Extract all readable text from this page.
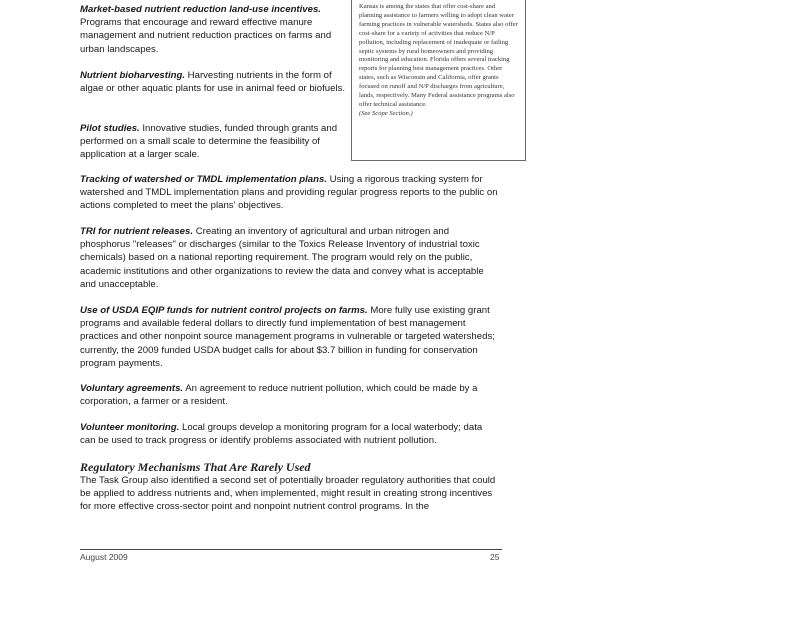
Market-based nutrient reduction land-use incentives. Programs that encourage and reward effective manure management and nutrient reduction practices on farms and urban landscapes.

Nutrient bioharvesting. Harvesting nutrients in the form of algae or other aquatic plants for use in animal feed or biofuels.

Pilot studies. Innovative studies, funded through grants and performed on a small scale to determine the feasibility of application at a larger scale.

Kansas is among the states that offer cost-share and planning assistance to farmers willing to adopt clean water farming practices in vulnerable watersheds. States also offer cost-share for a variety of activities that reduce N/P pollution, including replacement of inadequate or failing septic systems by rural homeowners and providing monitoring and education. Florida offers several tracking reports for planning best management practices. Other states, such as Wisconsin and California, offer grants focused on runoff and N/P discharges from agriculture, lands, respectively. Many Federal assistance programs also offer technical assistance.

(See Scope Section.)

Tracking of watershed or TMDL implementation plans. Using a rigorous tracking system for watershed and TMDL implementation plans and providing regular progress reports to the public on actions completed to meet the plans' objectives.

TRI for nutrient releases. Creating an inventory of agricultural and urban nitrogen and phosphorus "releases" or discharges (similar to the Toxics Release Inventory of industrial toxic chemicals) based on a national reporting requirement. The program would rely on the public, academic institutions and other organizations to review the data and convey what is acceptable and unacceptable.

Use of USDA EQIP funds for nutrient control projects on farms. More fully use existing grant programs and available federal dollars to directly fund implementation of best management practices and other nonpoint source management programs in vulnerable or targeted watersheds; currently, the 2009 funded USDA budget calls for about $3.7 billion in funding for conservation program payments.

Voluntary agreements. An agreement to reduce nutrient pollution, which could be made by a corporation, a farmer or a resident.

Volunteer monitoring. Local groups develop a monitoring program for a local waterbody; data can be used to track progress or identify problems associated with nutrient pollution.

Regulatory Mechanisms That Are Rarely Used

The Task Group also identified a second set of potentially broader regulatory authorities that could be applied to address nutrients and, when implemented, might result in creating strong incentives for more effective cross-sector point and nonpoint nutrient control programs. In the

August 2009	25
